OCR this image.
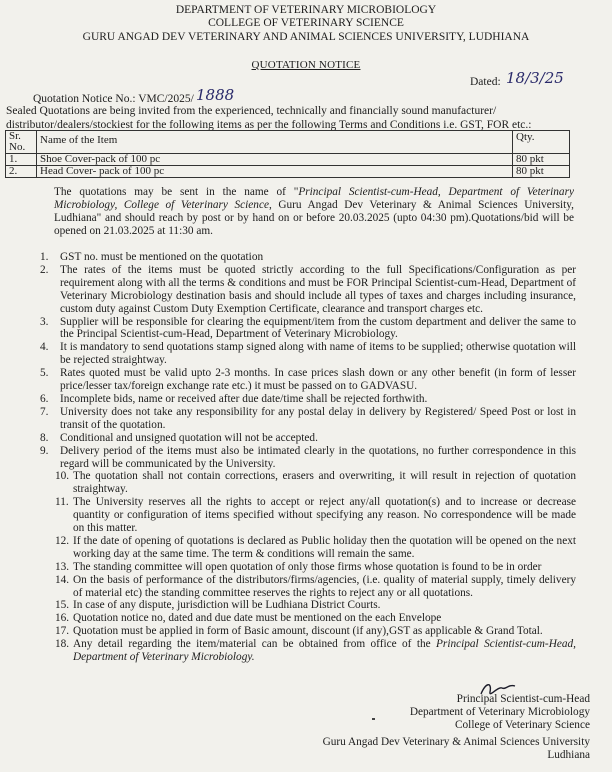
DEPARTMENT OF VETERINARY MICROBIOLOGY
COLLEGE OF VETERINARY SCIENCE
GURU ANGAD DEV VETERINARY AND ANIMAL SCIENCES UNIVERSITY, LUDHIANA
QUOTATION NOTICE
Dated: 18/3/25
Quotation Notice No.: VMC/2025/ 1888
Sealed Quotations are being invited from the experienced, technically and financially sound manufacturer/ distributor/dealers/stockiest for the following items as per the following Terms and Conditions i.e. GST, FOR etc.:
Sr. No.	Name of the Item	Qty.
1.	Shoe Cover-pack of 100 pc	80 pkt
2.	Head Cover- pack of 100 pc	80 pkt

The quotations may be sent in the name of "Principal Scientist-cum-Head, Department of Veterinary Microbiology, College of Veterinary Science, Guru Angad Dev Veterinary & Animal Sciences University, Ludhiana" and should reach by post or by hand on or before 20.03.2025 (upto 04:30 pm).Quotations/bid will be opened on 21.03.2025 at 11:30 am.

1. GST no. must be mentioned on the quotation
2. The rates of the items must be quoted strictly according to the full Specifications/Configuration as per requirement along with all the terms & conditions and must be FOR Principal Scientist-cum-Head, Department of Veterinary Microbiology destination basis and should include all types of taxes and charges including insurance, custom duty against Custom Duty Exemption Certificate, clearance and transport charges etc.
3. Supplier will be responsible for clearing the equipment/item from the custom department and deliver the same to the Principal Scientist-cum-Head, Department of Veterinary Microbiology.
4. It is mandatory to send quotations stamp signed along with name of items to be supplied; otherwise quotation will be rejected straightway.
5. Rates quoted must be valid upto 2-3 months. In case prices slash down or any other benefit (in form of lesser price/lesser tax/foreign exchange rate etc.) it must be passed on to GADVASU.
6. Incomplete bids, name or received after due date/time shall be rejected forthwith.
7. University does not take any responsibility for any postal delay in delivery by Registered/ Speed Post or lost in transit of the quotation.
8. Conditional and unsigned quotation will not be accepted.
9. Delivery period of the items must also be intimated clearly in the quotations, no further correspondence in this regard will be communicated by the University.
10. The quotation shall not contain corrections, erasers and overwriting, it will result in rejection of quotation straightway.
11. The University reserves all the rights to accept or reject any/all quotation(s) and to increase or decrease quantity or configuration of items specified without specifying any reason. No correspondence will be made on this matter.
12. If the date of opening of quotations is declared as Public holiday then the quotation will be opened on the next working day at the same time. The term & conditions will remain the same.
13. The standing committee will open quotation of only those firms whose quotation is found to be in order
14. On the basis of performance of the distributors/firms/agencies, (i.e. quality of material supply, timely delivery of material etc) the standing committee reserves the rights to reject any or all quotations.
15. In case of any dispute, jurisdiction will be Ludhiana District Courts.
16. Quotation notice no, dated and due date must be mentioned on the each Envelope
17. Quotation must be applied in form of Basic amount, discount (if any),GST as applicable & Grand Total.
18. Any detail regarding the item/material can be obtained from office of the Principal Scientist-cum-Head, Department of Veterinary Microbiology.
Principal Scientist-cum-Head
Department of Veterinary Microbiology
College of Veterinary Science
Guru Angad Dev Veterinary & Animal Sciences University
Ludhiana
